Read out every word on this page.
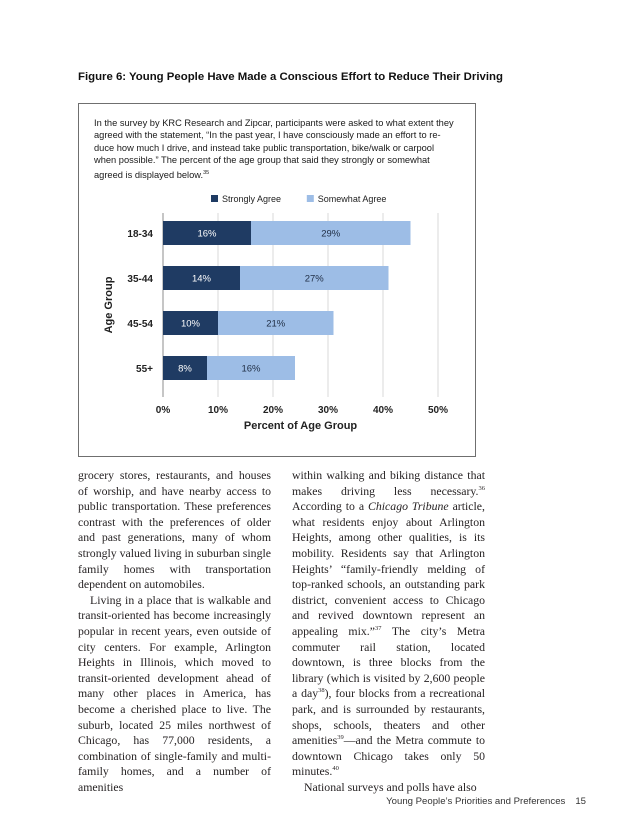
Figure 6: Young People Have Made a Conscious Effort to Reduce Their Driving
In the survey by KRC Research and Zipcar, participants were asked to what extent they
agreed with the statement, “In the past year, I have consciously made an effort to re-
duce how much I drive, and instead take public transportation, bike/walk or carpool
when possible.” The percent of the age group that said they strongly or somewhat
agreed is displayed below.$^{35}$
Strongly Agree	Somewhat Agree
16%	29%
18-34
14%	27%
35-44
10%	21%
45-54
8%	16%
55+
0%	10%	20%	30%	40%	50%
Percent of Age Group
Age Group

grocery stores, restaurants, and houses of worship, and have nearby access to public transportation. These preferences contrast with the preferences of older and past generations, many of whom strongly valued living in suburban single family homes with transportation dependent on automobiles.

Living in a place that is walkable and transit-oriented has become increasingly popular in recent years, even outside of city centers. For example, Arlington Heights in Illinois, which moved to transit-oriented development ahead of many other places in America, has become a cherished place to live. The suburb, located 25 miles northwest of Chicago, has 77,000 residents, a combination of single-family and multi-family homes, and a number of amenities

within walking and biking distance that makes driving less necessary.$^{36}$ According to a Chicago Tribune article, what residents enjoy about Arlington Heights, among other qualities, is its mobility. Residents say that Arlington Heights’ “family-friendly melding of top-ranked schools, an outstanding park district, convenient access to Chicago and revived downtown represent an appealing mix.”$^{37}$ The city’s Metra commuter rail station, located downtown, is three blocks from the library (which is visited by 2,600 people a day$^{38}$), four blocks from a recreational park, and is surrounded by restaurants, shops, schools, theaters and other amenities$^{39}$—and the Metra commute to downtown Chicago takes only 50 minutes.$^{40}$

National surveys and polls have also

Young People’s Priorities and Preferences 15
